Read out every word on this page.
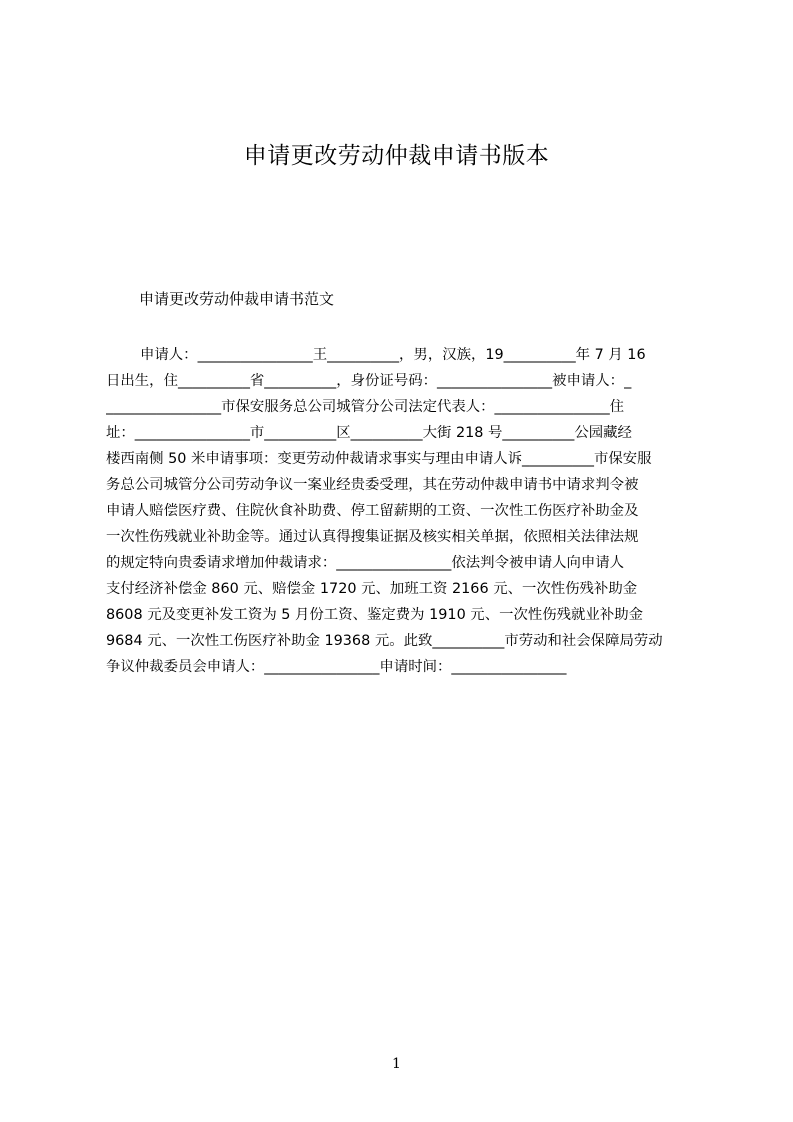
申请更改劳动仲裁申请书版本
申请更改劳动仲裁申请书范文
申请人：________________王__________，男，汉族，19__________年 7 月 16
日出生，住__________省__________，身份证号码：________________被申请人：_
________________市保安服务总公司城管分公司法定代表人：________________住
址：________________市__________区__________大街 218 号__________公园藏经
楼西南侧 50 米申请事项：变更劳动仲裁请求事实与理由申请人诉__________市保安服
务总公司城管分公司劳动争议一案业经贵委受理，其在劳动仲裁申请书中请求判令被
申请人赔偿医疗费、住院伙食补助费、停工留薪期的工资、一次性工伤医疗补助金及
一次性伤残就业补助金等。通过认真得搜集证据及核实相关单据，依照相关法律法规
的规定特向贵委请求增加仲裁请求：________________依法判令被申请人向申请人
支付经济补偿金 860 元、赔偿金 1720 元、加班工资 2166 元、一次性伤残补助金
8608 元及变更补发工资为 5 月份工资、鉴定费为 1910 元、一次性伤残就业补助金
9684 元、一次性工伤医疗补助金 19368 元。此致__________市劳动和社会保障局劳动
争议仲裁委员会申请人：________________申请时间：________________
1
